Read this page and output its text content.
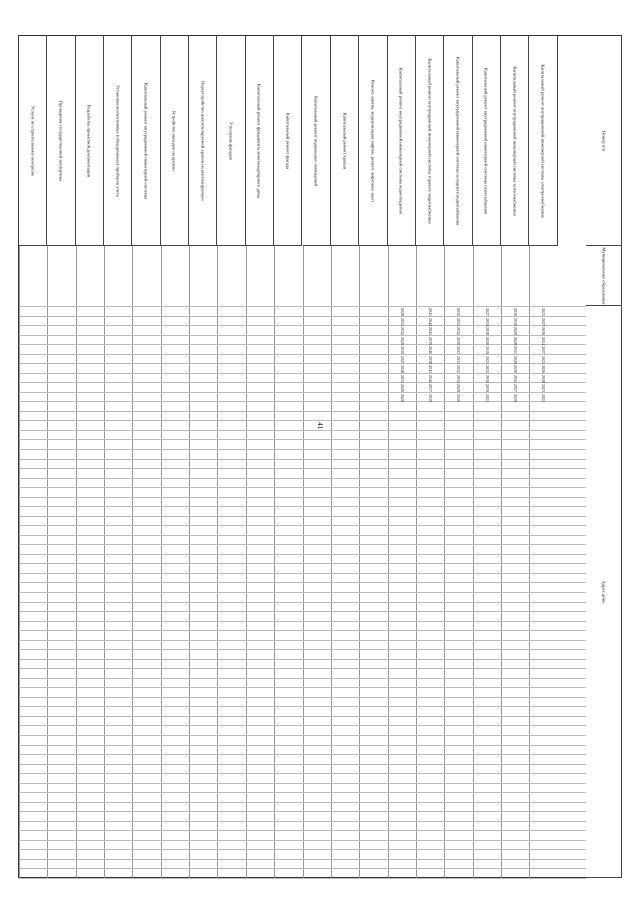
141
Номер п/п
Муниципальное образование
Адрес дома
Капитальный ремонт внутридомовой инженерной системы электроснабжения
Капитальный ремонт внутридомовой инженерной системы теплоснабжения
Капитальный ремонт внутридомовой инженерной системы газоснабжения
Капитальный ремонт внутридомовой инженерной системы холодного водоснабжения
Капитальный ремонт внутридомовой инженерной системы горячего водоснабжения
Капитальный ремонт внутридомовой инженерной системы водоотведения
Ремонт, замена, модернизация лифтов, ремонт лифтовых шахт
Капитальный ремонт крыши
Капитальный ремонт подвальных помещений
Капитальный ремонт фасада
Капитальный ремонт фундамента многоквартирного дома
Утепление фасадов
Переустройство невентилируемой крыши на вентилируемую
Устройство выходов на кровлю
Капитальный ремонт внутридомовой инженерной системы
Установка коллективных (общедомовых) приборов учета
Разработка проектной документации
Проведение государственной экспертизы
Услуги по строительному контролю
2025
2030
2027
2032
2041
2028
2027
2030
2019
2031
2042
2031
2026
2029
2018
2032
2041
2032
2024
2028
2020
2030
2039
2029
2027
2031
2019
2033
2040
2030
2025
2029
2021
2031
2038
2027
2026
2030
2022
2032
2041
2028
2028
2032
2020
2034
2042
2033
2023
2027
2019
2029
2037
2026
2025
2029
2021
2030
2039
2029
